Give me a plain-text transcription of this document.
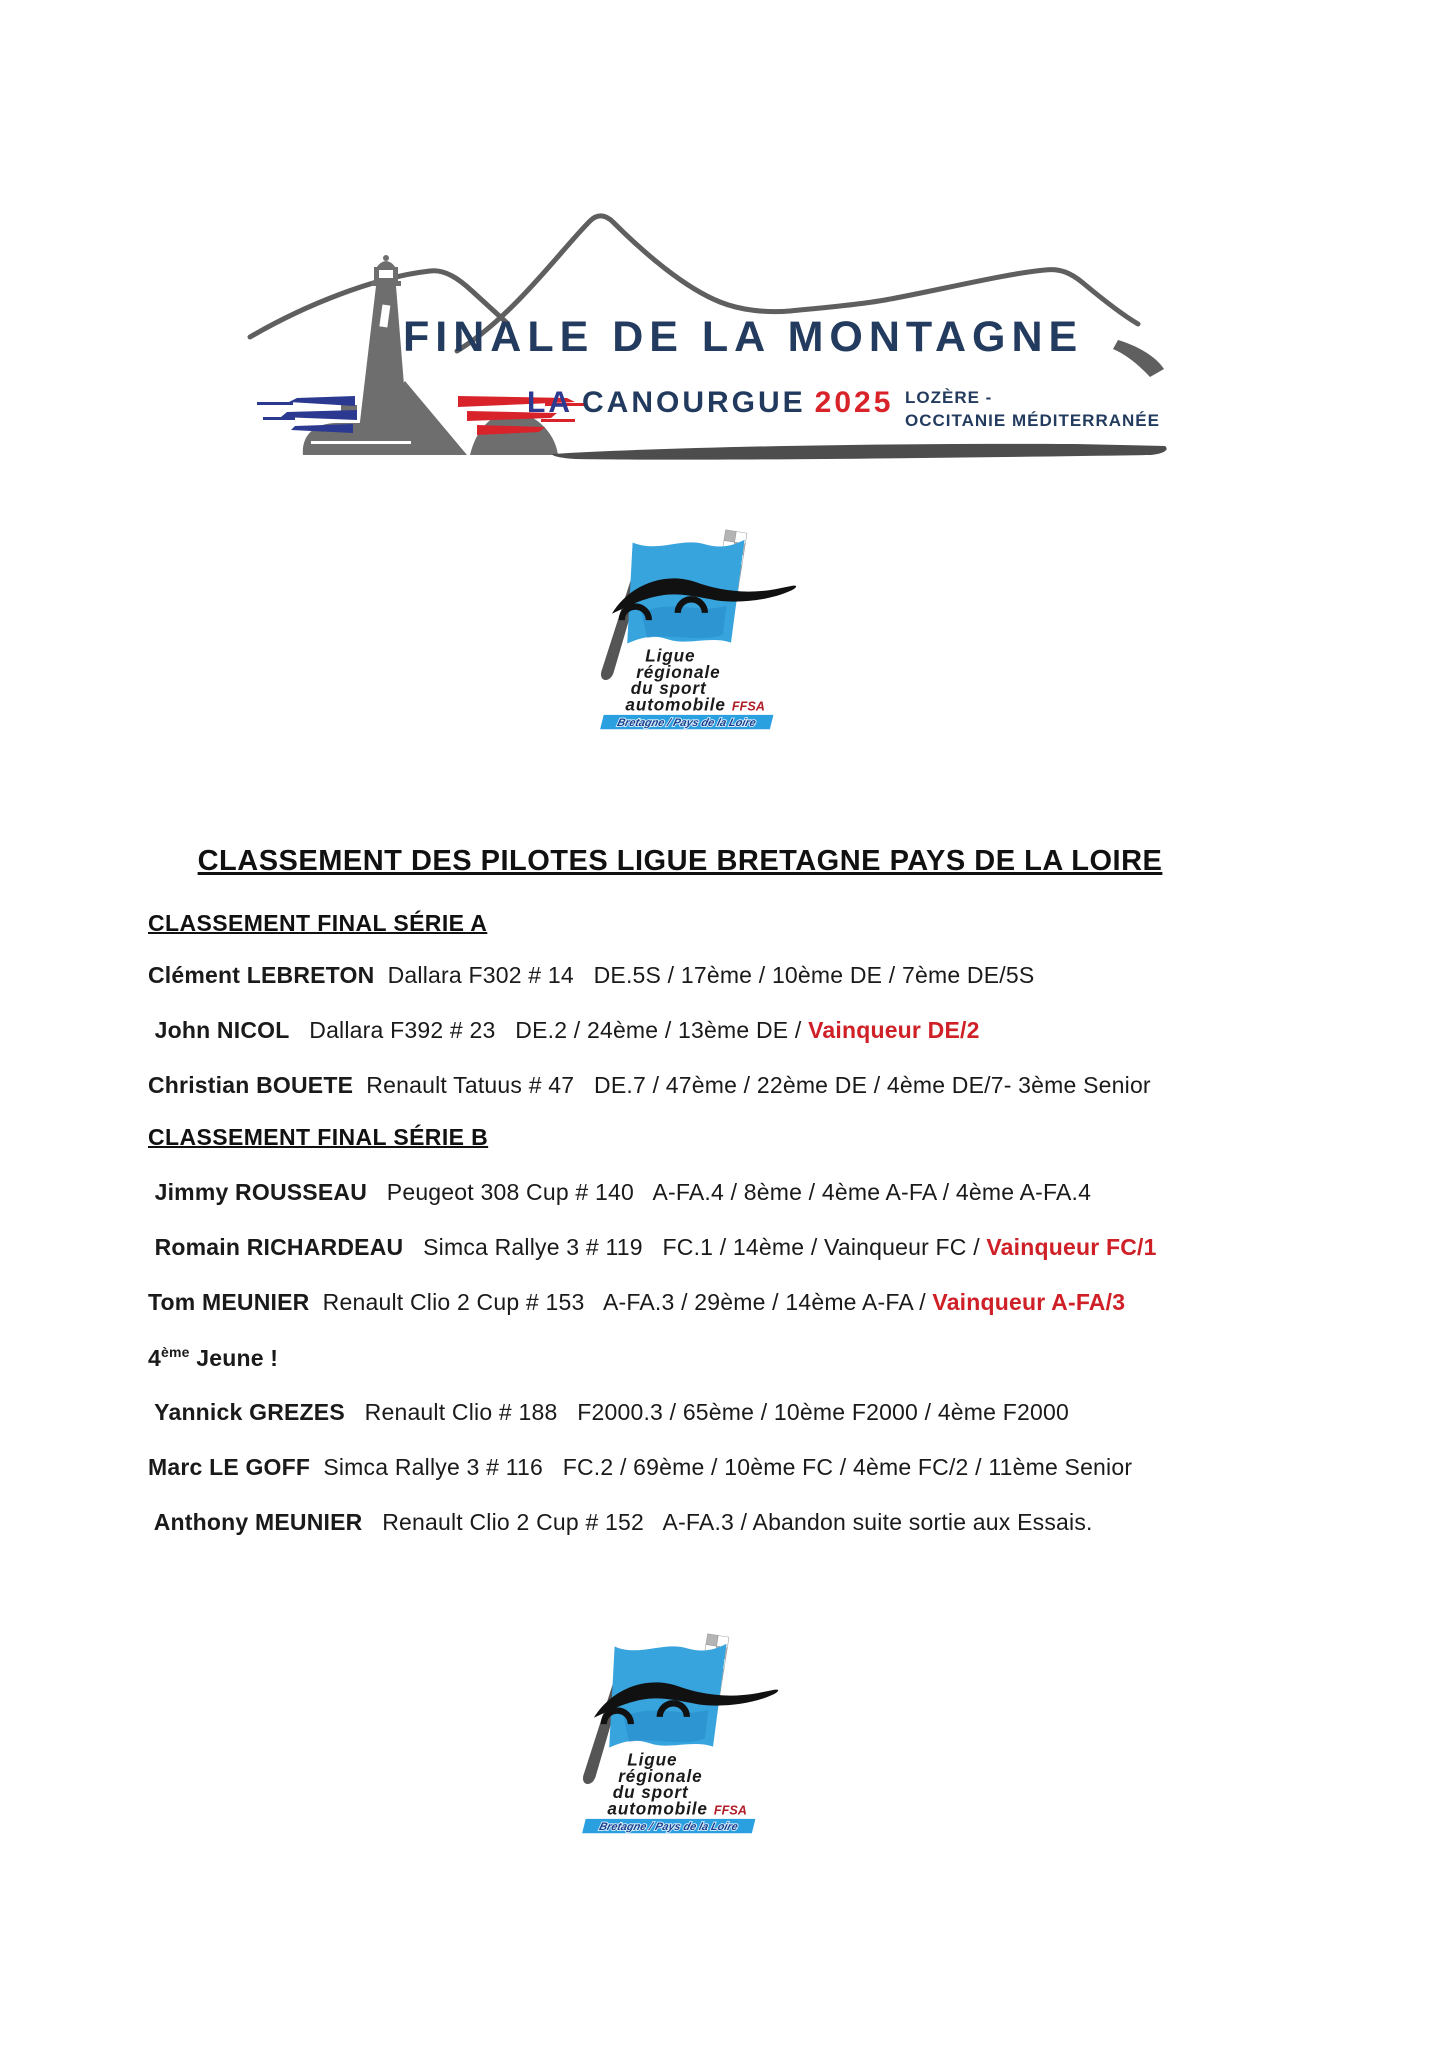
FINALE DE LA MONTAGNE
LA CANOURGUE 2025 LOZÈRE -
OCCITANIE MÉDITERRANÉE
CLASSEMENT DES PILOTES LIGUE BRETAGNE PAYS DE LA LOIRE
CLASSEMENT FINAL SÉRIE A
Clément LEBRETON  Dallara F302 # 14   DE.5S / 17ème / 10ème DE / 7ème DE/5S
John NICOL   Dallara F392 # 23   DE.2 / 24ème / 13ème DE / Vainqueur DE/2
Christian BOUETE  Renault Tatuus # 47   DE.7 / 47ème / 22ème DE / 4ème DE/7- 3ème Senior
CLASSEMENT FINAL SÉRIE B
Jimmy ROUSSEAU   Peugeot 308 Cup # 140   A-FA.4 / 8ème / 4ème A-FA / 4ème A-FA.4
Romain RICHARDEAU   Simca Rallye 3 # 119   FC.1 / 14ème / Vainqueur FC / Vainqueur FC/1
Tom MEUNIER  Renault Clio 2 Cup # 153   A-FA.3 / 29ème / 14ème A-FA / Vainqueur A-FA/3
4ème Jeune !
Yannick GREZES   Renault Clio # 188   F2000.3 / 65ème / 10ème F2000 / 4ème F2000
Marc LE GOFF  Simca Rallye 3 # 116   FC.2 / 69ème / 10ème FC / 4ème FC/2 / 11ème Senior
Anthony MEUNIER   Renault Clio 2 Cup # 152   A-FA.3 / Abandon suite sortie aux Essais.
